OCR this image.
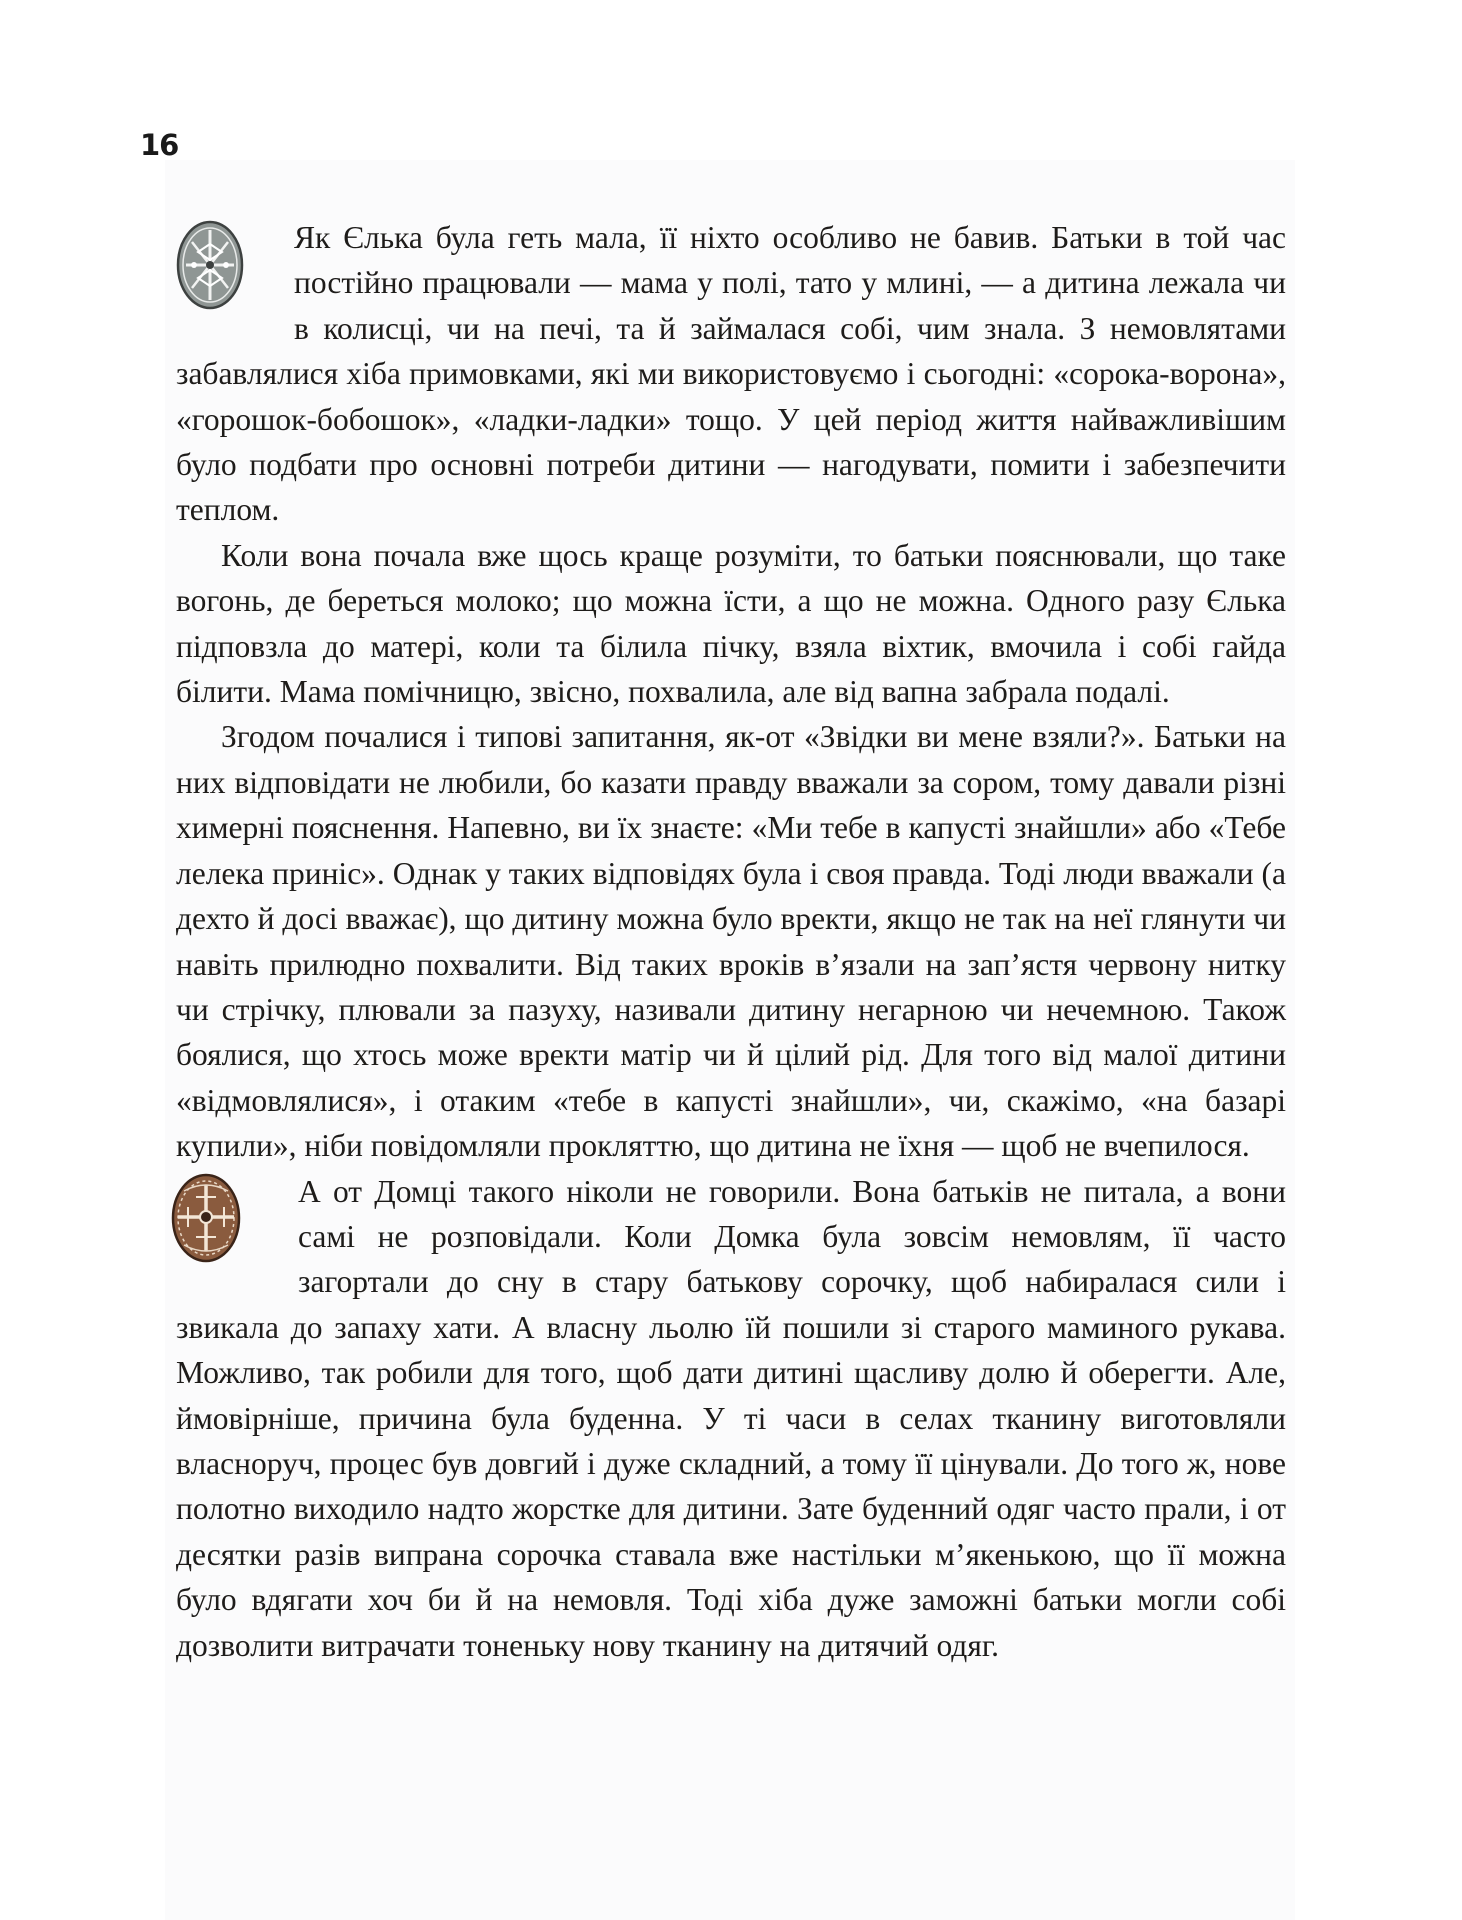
16

Як Єлька була геть мала, її ніхто особливо не бавив. Батьки в той час постійно працювали — мама у полі, тато у млині, — а дитина лежала чи в колисці, чи на печі, та й займалася собі, чим знала. З немовлятами забавлялися хіба примовками, які ми використовуємо і сьогодні: «сорока-ворона», «горошок-бобошок», «ладки-ладки» тощо. У цей період життя найважливішим було подбати про основні потреби дитини — нагодувати, помити і забезпечити теплом.

Коли вона почала вже щось краще розуміти, то батьки пояснювали, що таке вогонь, де береться молоко; що можна їсти, а що не можна. Одного разу Єлька підповзла до матері, коли та білила пічку, взяла віхтик, вмочила і собі гайда білити. Мама помічницю, звісно, похвалила, але від вапна забрала подалі.

Згодом почалися і типові запитання, як-от «Звідки ви мене взяли?». Батьки на них відповідати не любили, бо казати правду вважали за сором, тому давали різні химерні пояснення. Напевно, ви їх знаєте: «Ми тебе в капусті знайшли» або «Тебе лелека приніс». Однак у таких відповідях була і своя правда. Тоді люди вважали (а дехто й досі вважає), що дитину можна було вректи, якщо не так на неї глянути чи навіть прилюдно похвалити. Від таких вроків в’язали на зап’ястя червону нитку чи стрічку, плювали за пазуху, називали дитину негарною чи нечемною. Також боялися, що хтось може вректи матір чи й цілий рід. Для того від малої дитини «відмовлялися», і отаким «тебе в капусті знайшли», чи, скажімо, «на базарі купили», ніби повідомляли прокляттю, що дитина не їхня — щоб не вчепилося.

А от Домці такого ніколи не говорили. Вона батьків не питала, а вони самі не розповідали. Коли Домка була зовсім немовлям, її часто загортали до сну в стару батькову сорочку, щоб набиралася сили і звикала до запаху хати. А власну льолю їй пошили зі старого маминого рукава. Можливо, так робили для того, щоб дати дитині щасливу долю й оберегти. Але, ймовірніше, причина була буденна. У ті часи в селах тканину виготовляли власноруч, процес був довгий і дуже складний, а тому її цінували. До того ж, нове полотно виходило надто жорстке для дитини. Зате буденний одяг часто прали, і от десятки разів випрана сорочка ставала вже настільки м’якенькою, що її можна було вдягати хоч би й на немовля. Тоді хіба дуже заможні батьки могли собі дозволити витрачати тоненьку нову тканину на дитячий одяг.
